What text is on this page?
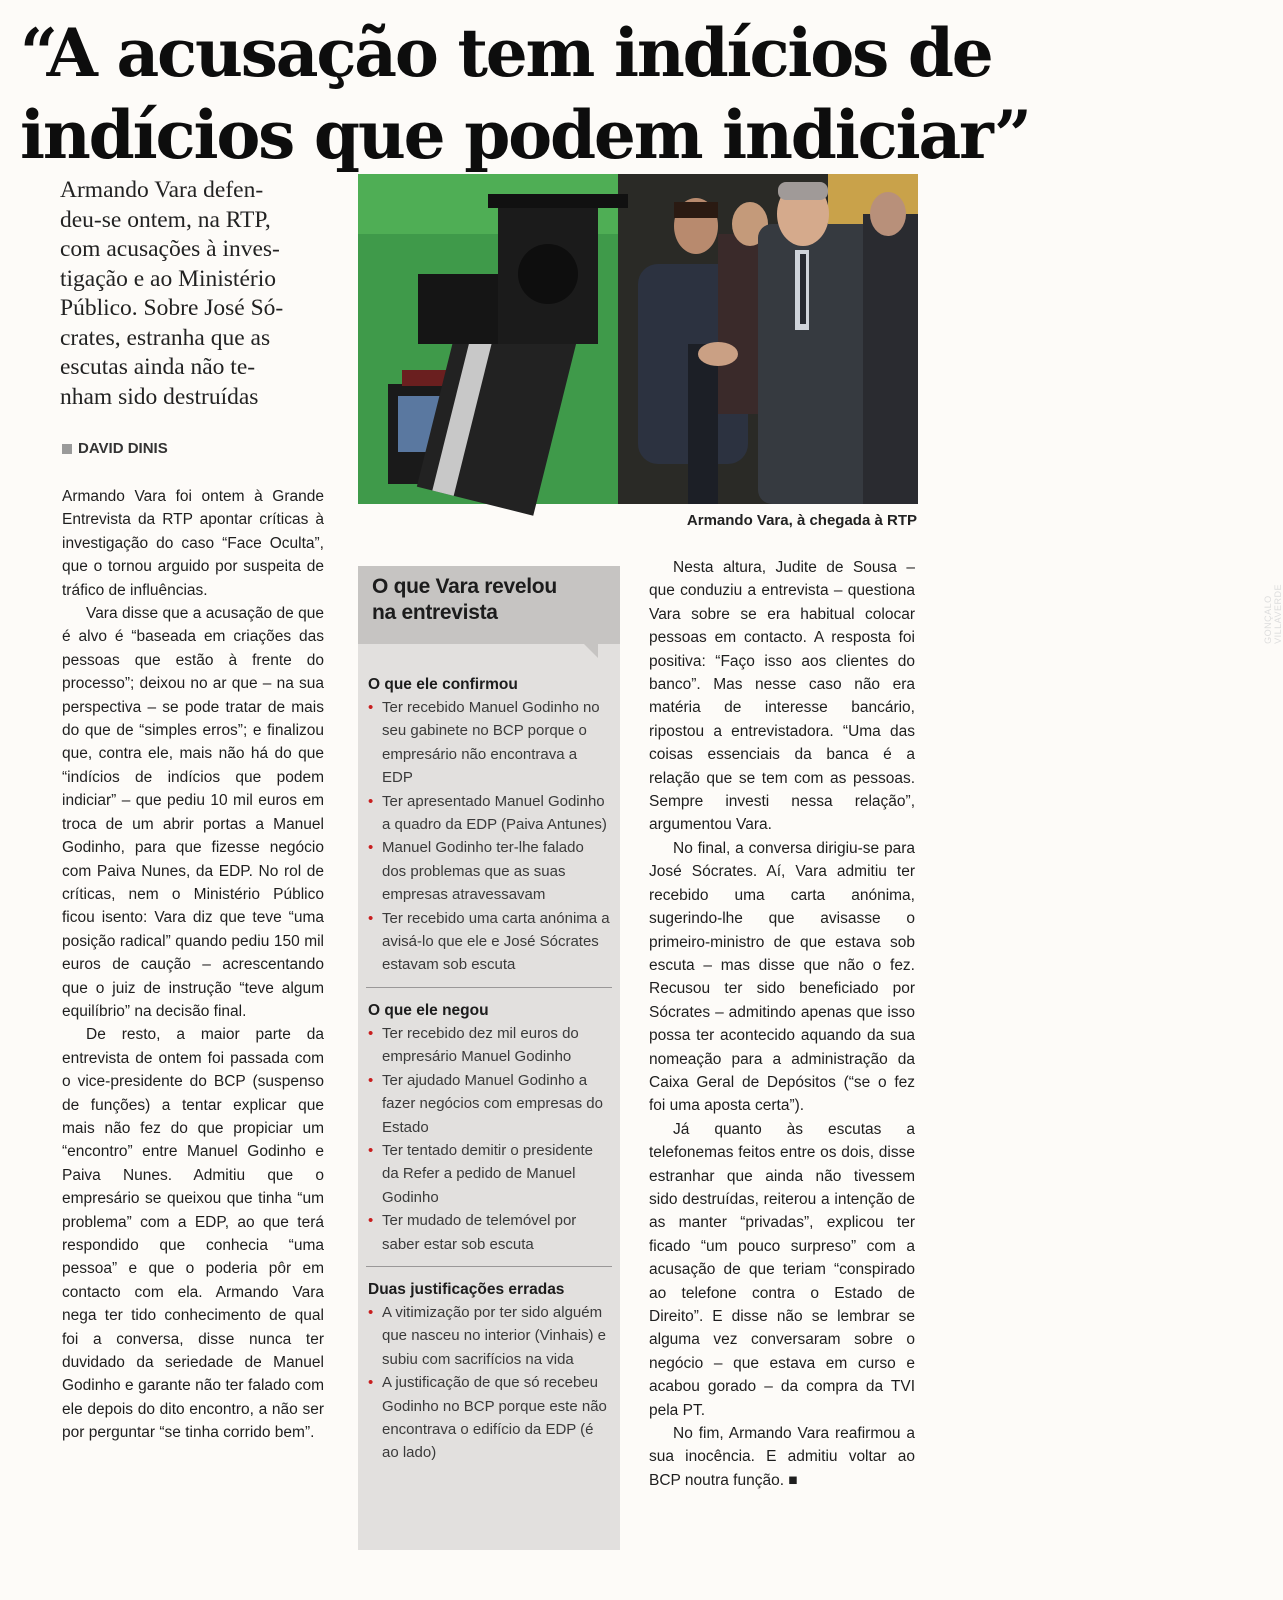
“A acusação tem indícios de
indícios que podem indiciar”

Armando Vara defen-
deu-se ontem, na RTP,
com acusações à inves-
tigação e ao Ministério
Público. Sobre José Só-
crates, estranha que as
escutas ainda não te-
nham sido destruídas

DAVID DINIS
GONÇALO VILLAVERDE
Armando Vara, à chegada à RTP

Armando Vara foi ontem à Grande Entrevista da RTP apontar críticas à investigação do caso “Face Oculta”, que o tornou arguido por suspeita de tráfico de influências.

Vara disse que a acusação de que é alvo é “baseada em criações das pessoas que estão à frente do processo”; deixou no ar que – na sua perspectiva – se pode tratar de mais do que de “simples erros”; e finalizou que, contra ele, mais não há do que “indícios de indícios que podem indiciar” – que pediu 10 mil euros em troca de um abrir portas a Manuel Godinho, para que fizesse negócio com Paiva Nunes, da EDP. No rol de críticas, nem o Ministério Público ficou isento: Vara diz que teve “uma posição radical” quando pediu 150 mil euros de caução – acrescentando que o juiz de instrução “teve algum equilíbrio” na decisão final.

De resto, a maior parte da entrevista de ontem foi passada com o vice-presidente do BCP (suspenso de funções) a tentar explicar que mais não fez do que propiciar um “encontro” entre Manuel Godinho e Paiva Nunes. Admitiu que o empresário se queixou que tinha “um problema” com a EDP, ao que terá respondido que conhecia “uma pessoa” e que o poderia pôr em contacto com ela. Armando Vara nega ter tido conhecimento de qual foi a conversa, disse nunca ter duvidado da seriedade de Manuel Godinho e garante não ter falado com ele depois do dito encontro, a não ser por perguntar “se tinha corrido bem”.

O que Vara revelou
na entrevista
O que ele confirmou
• Ter recebido Manuel Godinho no seu gabinete no BCP porque o empresário não encontrava a EDP
• Ter apresentado Manuel Godinho a quadro da EDP (Paiva Antunes)
• Manuel Godinho ter-lhe falado dos problemas que as suas empresas atravessavam
• Ter recebido uma carta anónima a avisá-lo que ele e José Sócrates estavam sob escuta
O que ele negou
• Ter recebido dez mil euros do empresário Manuel Godinho
• Ter ajudado Manuel Godinho a fazer negócios com empresas do Estado
• Ter tentado demitir o presidente da Refer a pedido de Manuel Godinho
• Ter mudado de telemóvel por saber estar sob escuta
Duas justificações erradas
• A vitimização por ter sido alguém que nasceu no interior (Vinhais) e subiu com sacrifícios na vida
• A justificação de que só recebeu Godinho no BCP porque este não encontrava o edifício da EDP (é ao lado)

Nesta altura, Judite de Sousa – que conduziu a entrevista – questiona Vara sobre se era habitual colocar pessoas em contacto. A resposta foi positiva: “Faço isso aos clientes do banco”. Mas nesse caso não era matéria de interesse bancário, ripostou a entrevistadora. “Uma das coisas essenciais da banca é a relação que se tem com as pessoas. Sempre investi nessa relação”, argumentou Vara.

No final, a conversa dirigiu-se para José Sócrates. Aí, Vara admitiu ter recebido uma carta anónima, sugerindo-lhe que avisasse o primeiro-ministro de que estava sob escuta – mas disse que não o fez. Recusou ter sido beneficiado por Sócrates – admitindo apenas que isso possa ter acontecido aquando da sua nomeação para a administração da Caixa Geral de Depósitos (“se o fez foi uma aposta certa”).

Já quanto às escutas a telefonemas feitos entre os dois, disse estranhar que ainda não tivessem sido destruídas, reiterou a intenção de as manter “privadas”, explicou ter ficado “um pouco surpreso” com a acusação de que teriam “conspirado ao telefone contra o Estado de Direito”. E disse não se lembrar se alguma vez conversaram sobre o negócio – que estava em curso e acabou gorado – da compra da TVI pela PT.

No fim, Armando Vara reafirmou a sua inocência. E admitiu voltar ao BCP noutra função. ■
